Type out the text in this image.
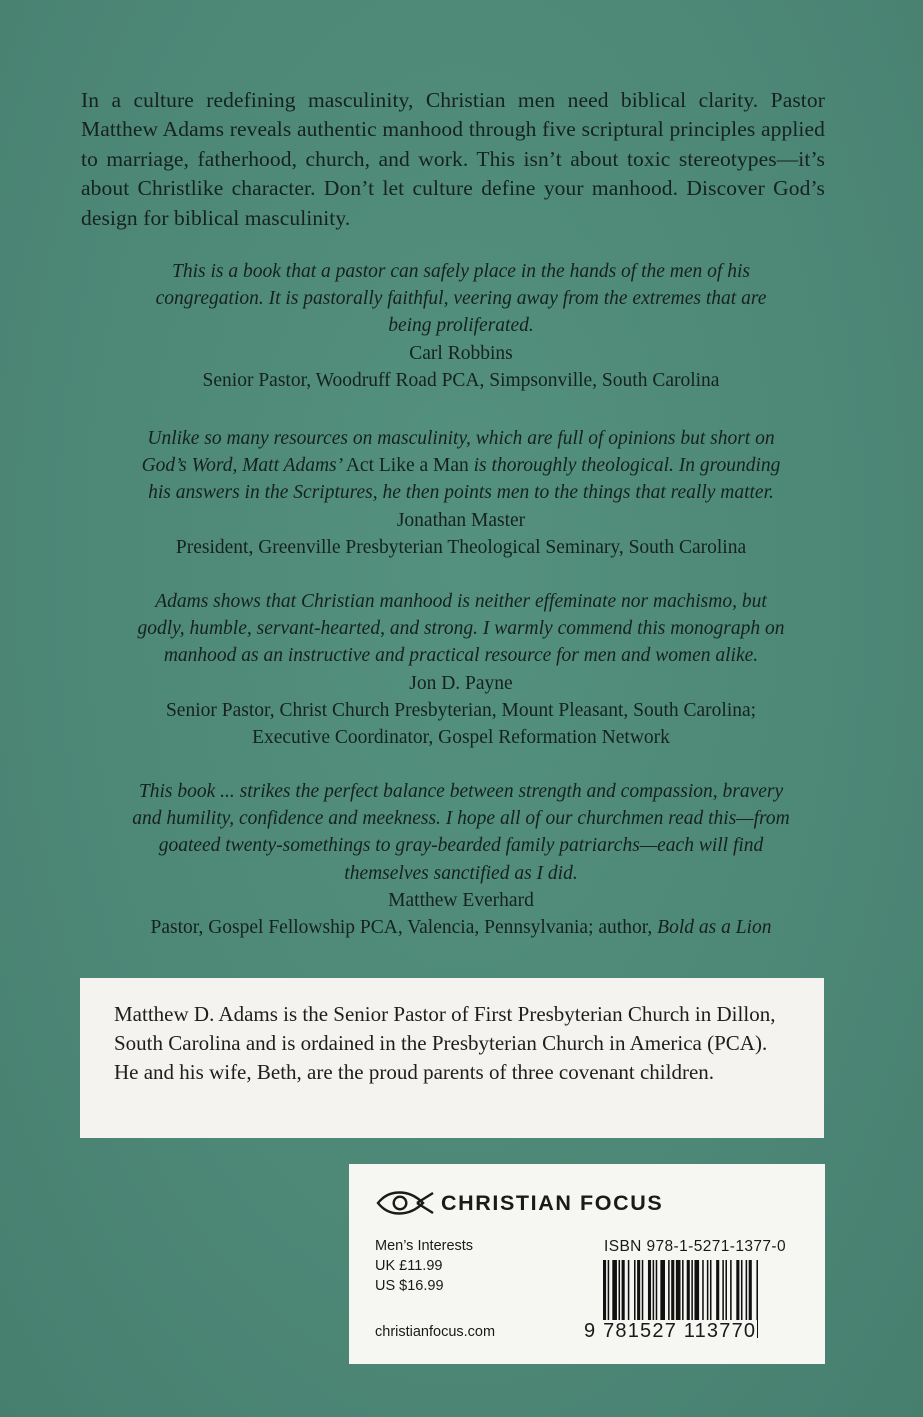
In a culture redefining masculinity, Christian men need biblical clarity. Pastor Matthew Adams reveals authentic manhood through five scriptural principles applied to marriage, fatherhood, church, and work. This isn’t about toxic stereotypes—it’s about Christlike character. Don’t let culture define your manhood. Discover God’s design for biblical masculinity.
This is a book that a pastor can safely place in the hands of the men of his
congregation. It is pastorally faithful, veering away from the extremes that are
being proliferated.
Carl Robbins
Senior Pastor, Woodruff Road PCA, Simpsonville, South Carolina
Unlike so many resources on masculinity, which are full of opinions but short on
God’s Word, Matt Adams’ Act Like a Man is thoroughly theological. In grounding
his answers in the Scriptures, he then points men to the things that really matter.
Jonathan Master
President, Greenville Presbyterian Theological Seminary, South Carolina
Adams shows that Christian manhood is neither effeminate nor machismo, but
godly, humble, servant-hearted, and strong. I warmly commend this monograph on
manhood as an instructive and practical resource for men and women alike.
Jon D. Payne
Senior Pastor, Christ Church Presbyterian, Mount Pleasant, South Carolina;
Executive Coordinator, Gospel Reformation Network
This book ... strikes the perfect balance between strength and compassion, bravery
and humility, confidence and meekness. I hope all of our churchmen read this—from
goateed twenty-somethings to gray-bearded family patriarchs—each will find
themselves sanctified as I did.
Matthew Everhard
Pastor, Gospel Fellowship PCA, Valencia, Pennsylvania; author, Bold as a Lion
Matthew D. Adams is the Senior Pastor of First Presbyterian Church in Dillon, South Carolina and is ordained in the Presbyterian Church in America (PCA). He and his wife, Beth, are the proud parents of three covenant children.
CHRISTIAN FOCUS
Men’s Interests
UK £11.99
US $16.99
christianfocus.com
ISBN 978-1-5271-1377-0
9 781527 113770
